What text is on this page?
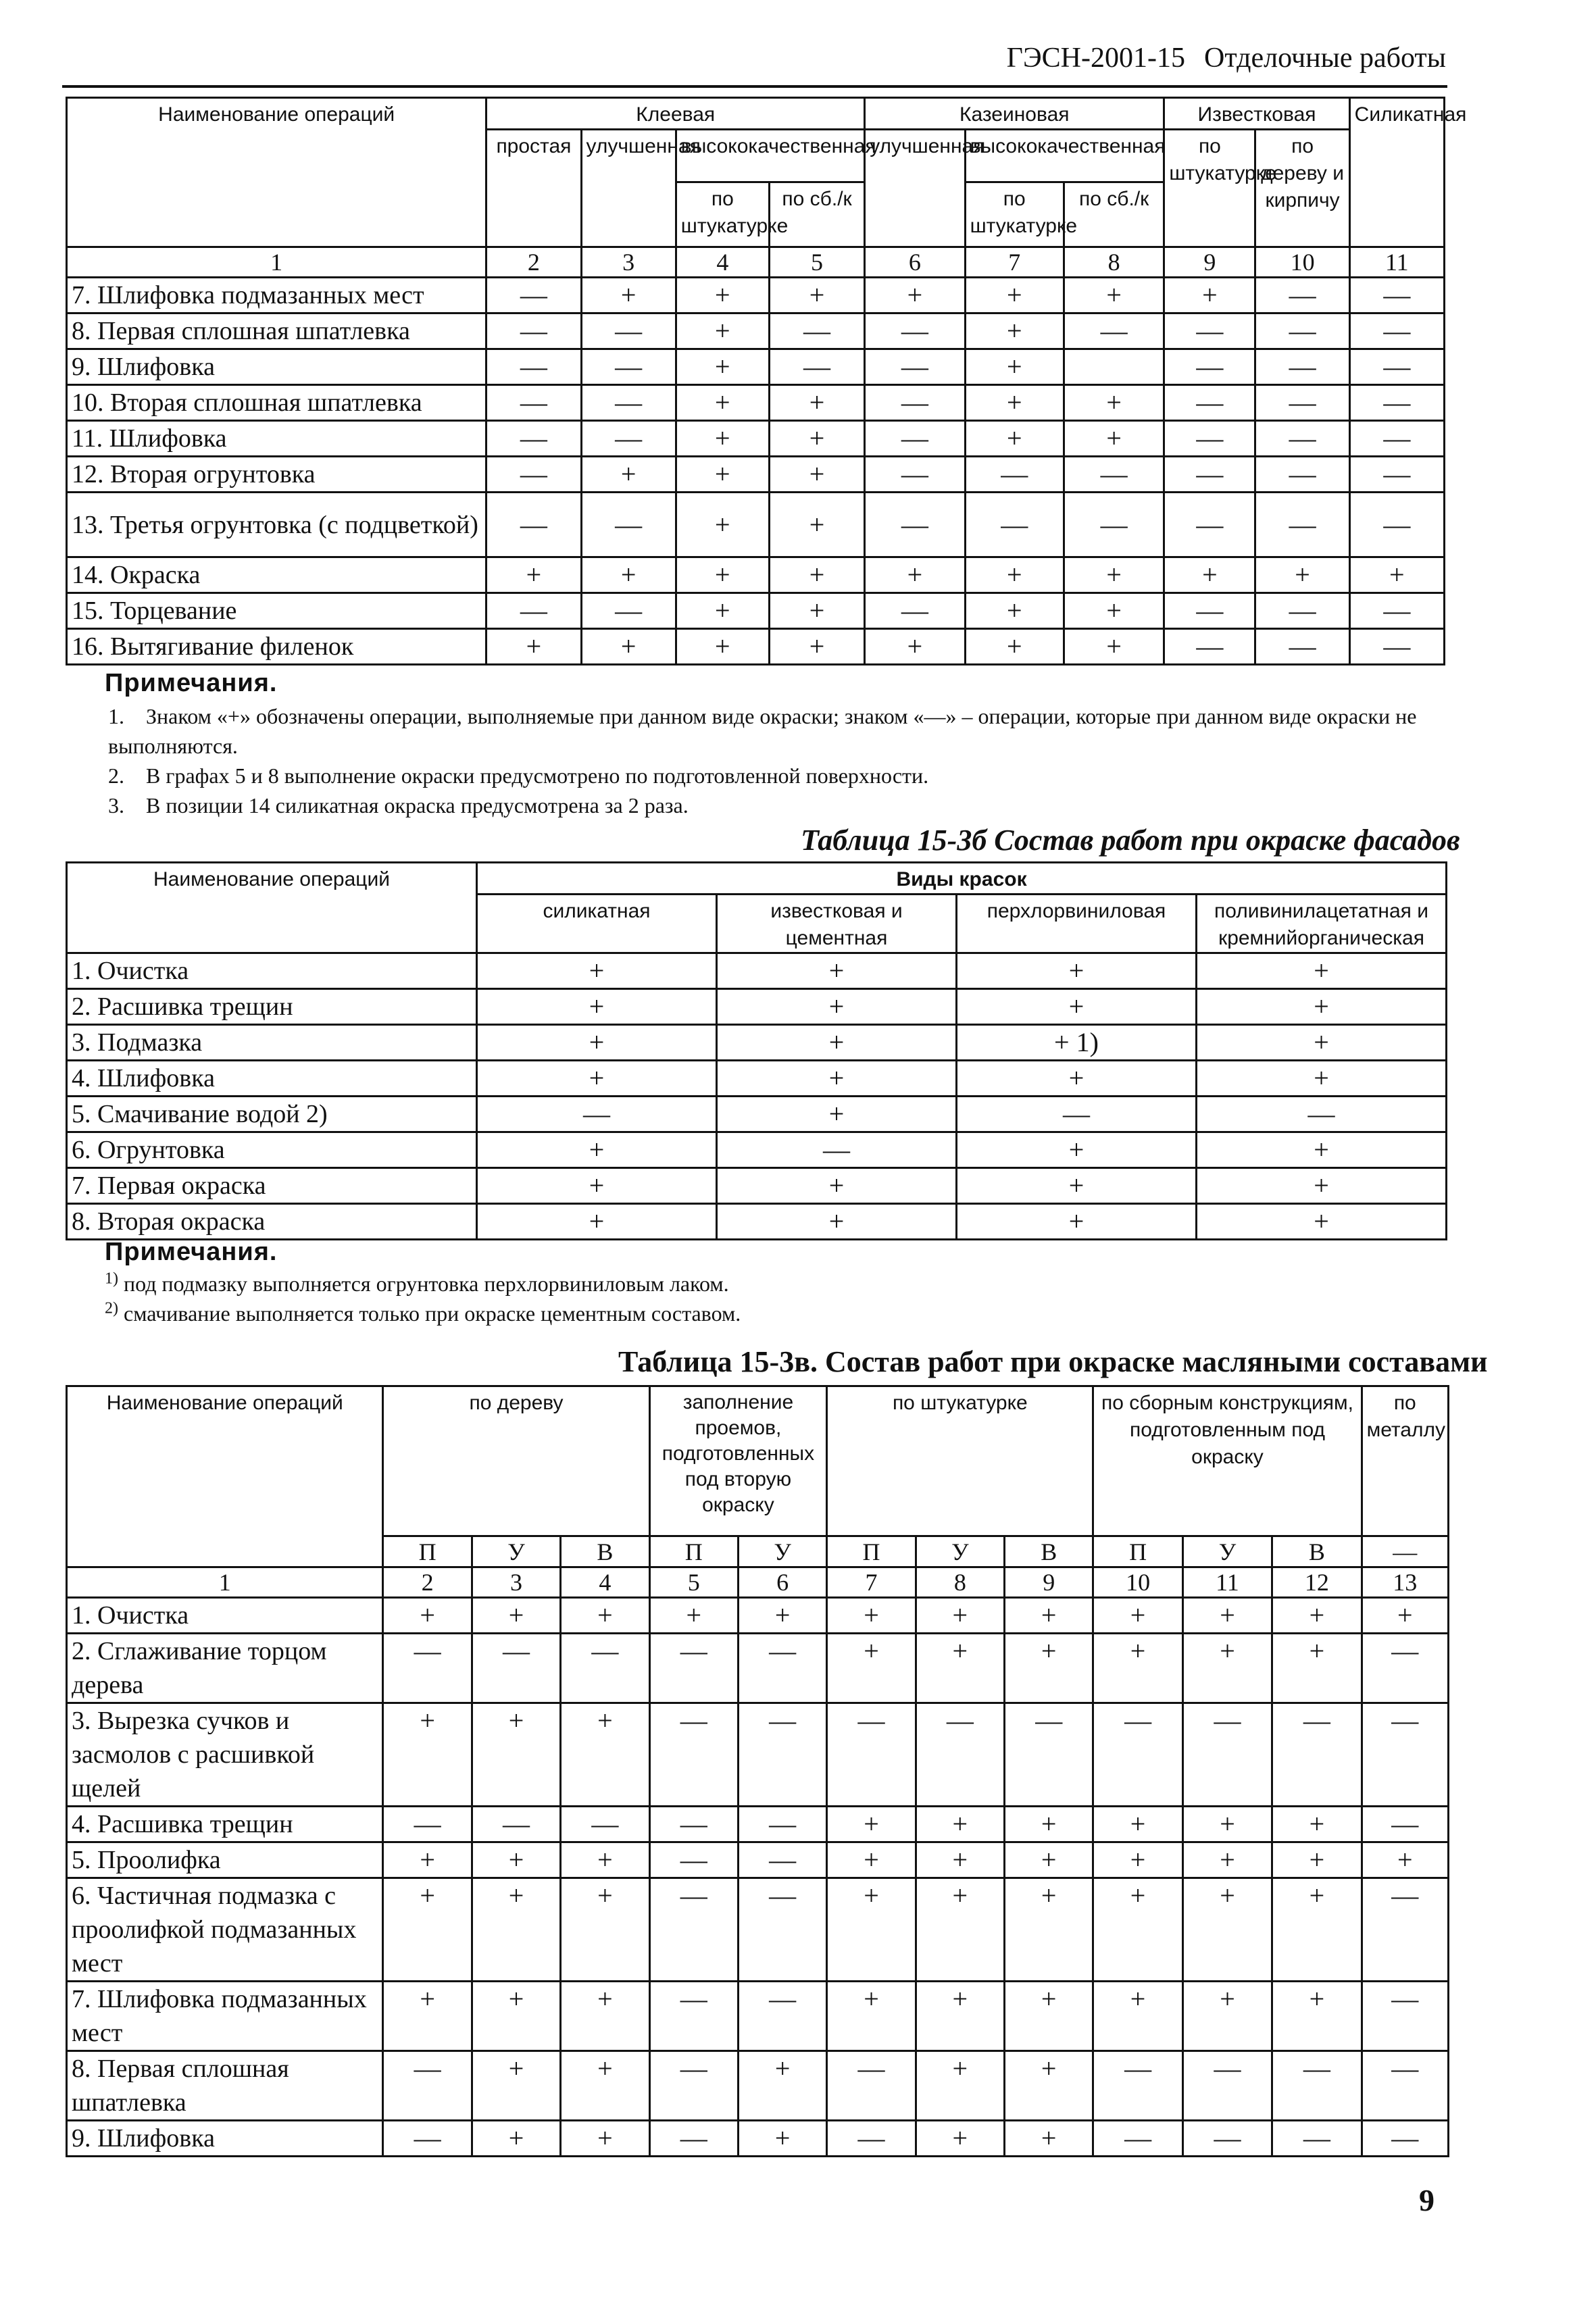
ГЭСН-2001-15 Отделочные работы
Наименование операций	Клеевая				Казеиновая			Известковая		Силикатная
	простая	улучшенная	высококачественная		улучшенная	высококачественная		по штукатурке	по дереву и кирпичу	
			по штукатурке	по сб./к		по штукатурке	по сб./к			
1	2	3	4	5	6	7	8	9	10	11
7. Шлифовка подмазанных мест	—	+	+	+	+	+	+	+	—	—
8. Первая сплошная шпатлевка	—	—	+	—	—	+	—	—	—	—
9. Шлифовка	—	—	+	—	—	+		—	—	—
10. Вторая сплошная шпатлевка	—	—	+	+	—	+	+	—	—	—
11. Шлифовка	—	—	+	+	—	+	+	—	—	—
12. Вторая огрунтовка	—	+	+	+	—	—	—	—	—	—
13. Третья огрунтовка (с подцветкой)	—	—	+	+	—	—	—	—	—	—
14. Окраска	+	+	+	+	+	+	+	+	+	+
15. Торцевание	—	—	+	+	—	+	+	—	—	—
16. Вытягивание филенок	+	+	+	+	+	+	+	—	—	—
Примечания.
1. Знаком «+» обозначены операции, выполняемые при данном виде окраски; знаком «—» – операции, которые при данном виде окраски не выполняются.
2. В графах 5 и 8 выполнение окраски предусмотрено по подготовленной поверхности.
3. В позиции 14 силикатная окраска предусмотрена за 2 раза.
Таблица 15-3б Состав работ при окраске фасадов
Наименование операций	Виды красок			
	силикатная	известковая и цементная	перхлорвиниловая	поливинилацетатная и кремнийорганическая
1. Очистка	+	+	+	+
2. Расшивка трещин	+	+	+	+
3. Подмазка	+	+	+ 1)	+
4. Шлифовка	+	+	+	+
5. Смачивание водой 2)	—	+	—	—
6. Огрунтовка	+	—	+	+
7. Первая окраска	+	+	+	+
8. Вторая окраска	+	+	+	+
Примечания.
$^{1)}$ под подмазку выполняется огрунтовка перхлорвиниловым лаком.
$^{2)}$ смачивание выполняется только при окраске цементным составом.
Таблица 15-3в. Состав работ при окраске масляными составами
Наименование операций	по дереву			заполнение проемов, подготовленных под вторую окраску		по штукатурке			по сборным конструкциям, подготовленным под окраску			по металлу
	П	У	В	П	У	П	У	В	П	У	В	—
1	2	3	4	5	6	7	8	9	10	11	12	13
1. Очистка	+	+	+	+	+	+	+	+	+	+	+	+
2. Сглаживание торцом дерева	—	—	—	—	—	+	+	+	+	+	+	—
3. Вырезка сучков и засмолов с расшивкой щелей	+	+	+	—	—	—	—	—	—	—	—	—
4. Расшивка трещин	—	—	—	—	—	+	+	+	+	+	+	—
5. Проолифка	+	+	+	—	—	+	+	+	+	+	+	+
6. Частичная подмазка с проолифкой подмазанных мест	+	+	+	—	—	+	+	+	+	+	+	—
7. Шлифовка подмазанных мест	+	+	+	—	—	+	+	+	+	+	+	—
8. Первая сплошная шпатлевка	—	+	+	—	+	—	+	+	—	—	—	—
9. Шлифовка	—	+	+	—	+	—	+	+	—	—	—	—
9
